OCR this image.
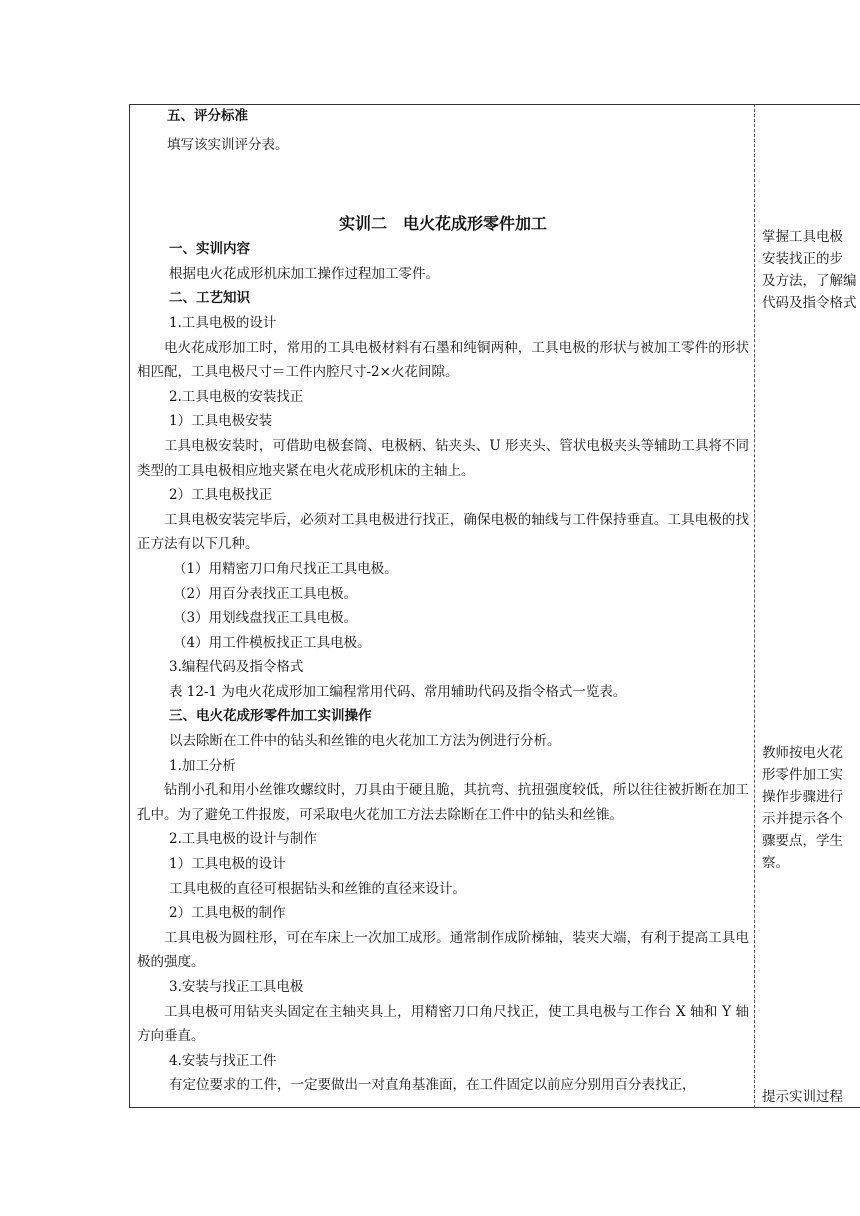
五、评分标准

填写该实训评分表。

实训二　电火花成形零件加工

一、实训内容

根据电火花成形机床加工操作过程加工零件。

二、工艺知识

1.工具电极的设计

电火花成形加工时，常用的工具电极材料有石墨和纯铜两种，工具电极的形状与被加工零件的形状相匹配，工具电极尺寸＝工件内腔尺寸-2×火花间隙。

2.工具电极的安装找正

1）工具电极安装

工具电极安装时，可借助电极套筒、电极柄、钻夹头、U 形夹头、管状电极夹头等辅助工具将不同类型的工具电极相应地夹紧在电火花成形机床的主轴上。

2）工具电极找正

工具电极安装完毕后，必须对工具电极进行找正，确保电极的轴线与工件保持垂直。工具电极的找正方法有以下几种。

（1）用精密刀口角尺找正工具电极。

（2）用百分表找正工具电极。

（3）用划线盘找正工具电极。

（4）用工件模板找正工具电极。

3.编程代码及指令格式

表 12-1 为电火花成形加工编程常用代码、常用辅助代码及指令格式一览表。

三、电火花成形零件加工实训操作

以去除断在工件中的钻头和丝锥的电火花加工方法为例进行分析。

1.加工分析

钻削小孔和用小丝锥攻螺纹时，刀具由于硬且脆，其抗弯、抗扭强度较低，所以往往被折断在加工孔中。为了避免工件报废，可采取电火花加工方法去除断在工件中的钻头和丝锥。

2.工具电极的设计与制作

1）工具电极的设计

工具电极的直径可根据钻头和丝锥的直径来设计。

2）工具电极的制作

工具电极为圆柱形，可在车床上一次加工成形。通常制作成阶梯轴，装夹大端，有利于提高工具电极的强度。

3.安装与找正工具电极

工具电极可用钻夹头固定在主轴夹具上，用精密刀口角尺找正，使工具电极与工作台 X 轴和 Y 轴方向垂直。

4.安装与找正工件

有定位要求的工件，一定要做出一对直角基准面，在工件固定以前应分别用百分表找正，

掌握工具电极
安装找正的步
及方法，了解编
代码及指令格式
教师按电火花
形零件加工实
操作步骤进行
示并提示各个
骤要点，学生
察。
提示实训过程
